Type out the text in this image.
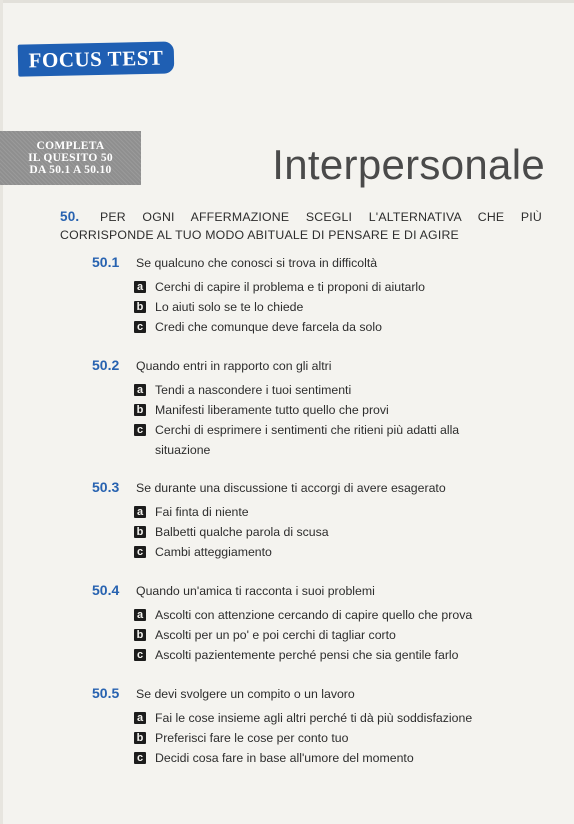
FOCUS TEST
COMPLETA
IL QUESITO 50
DA 50.1 A 50.10	Interpersonale
50. PER OGNI AFFERMAZIONE SCEGLI L'ALTERNATIVA CHE PIÙ CORRISPONDE AL TUO MODO ABITUALE DI PENSARE E DI AGIRE
50.1	Se qualcuno che conosci si trova in difficoltà
a Cerchi di capire il problema e ti proponi di aiutarlo
b Lo aiuti solo se te lo chiede
c Credi che comunque deve farcela da solo
50.2	Quando entri in rapporto con gli altri
a Tendi a nascondere i tuoi sentimenti
b Manifesti liberamente tutto quello che provi
c Cerchi di esprimere i sentimenti che ritieni più adatti alla situazione
50.3	Se durante una discussione ti accorgi di avere esagerato
a Fai finta di niente
b Balbetti qualche parola di scusa
c Cambi atteggiamento
50.4	Quando un'amica ti racconta i suoi problemi
a Ascolti con attenzione cercando di capire quello che prova
b Ascolti per un po' e poi cerchi di tagliar corto
c Ascolti pazientemente perché pensi che sia gentile farlo
50.5	Se devi svolgere un compito o un lavoro
a Fai le cose insieme agli altri perché ti dà più soddisfazione
b Preferisci fare le cose per conto tuo
c Decidi cosa fare in base all'umore del momento
